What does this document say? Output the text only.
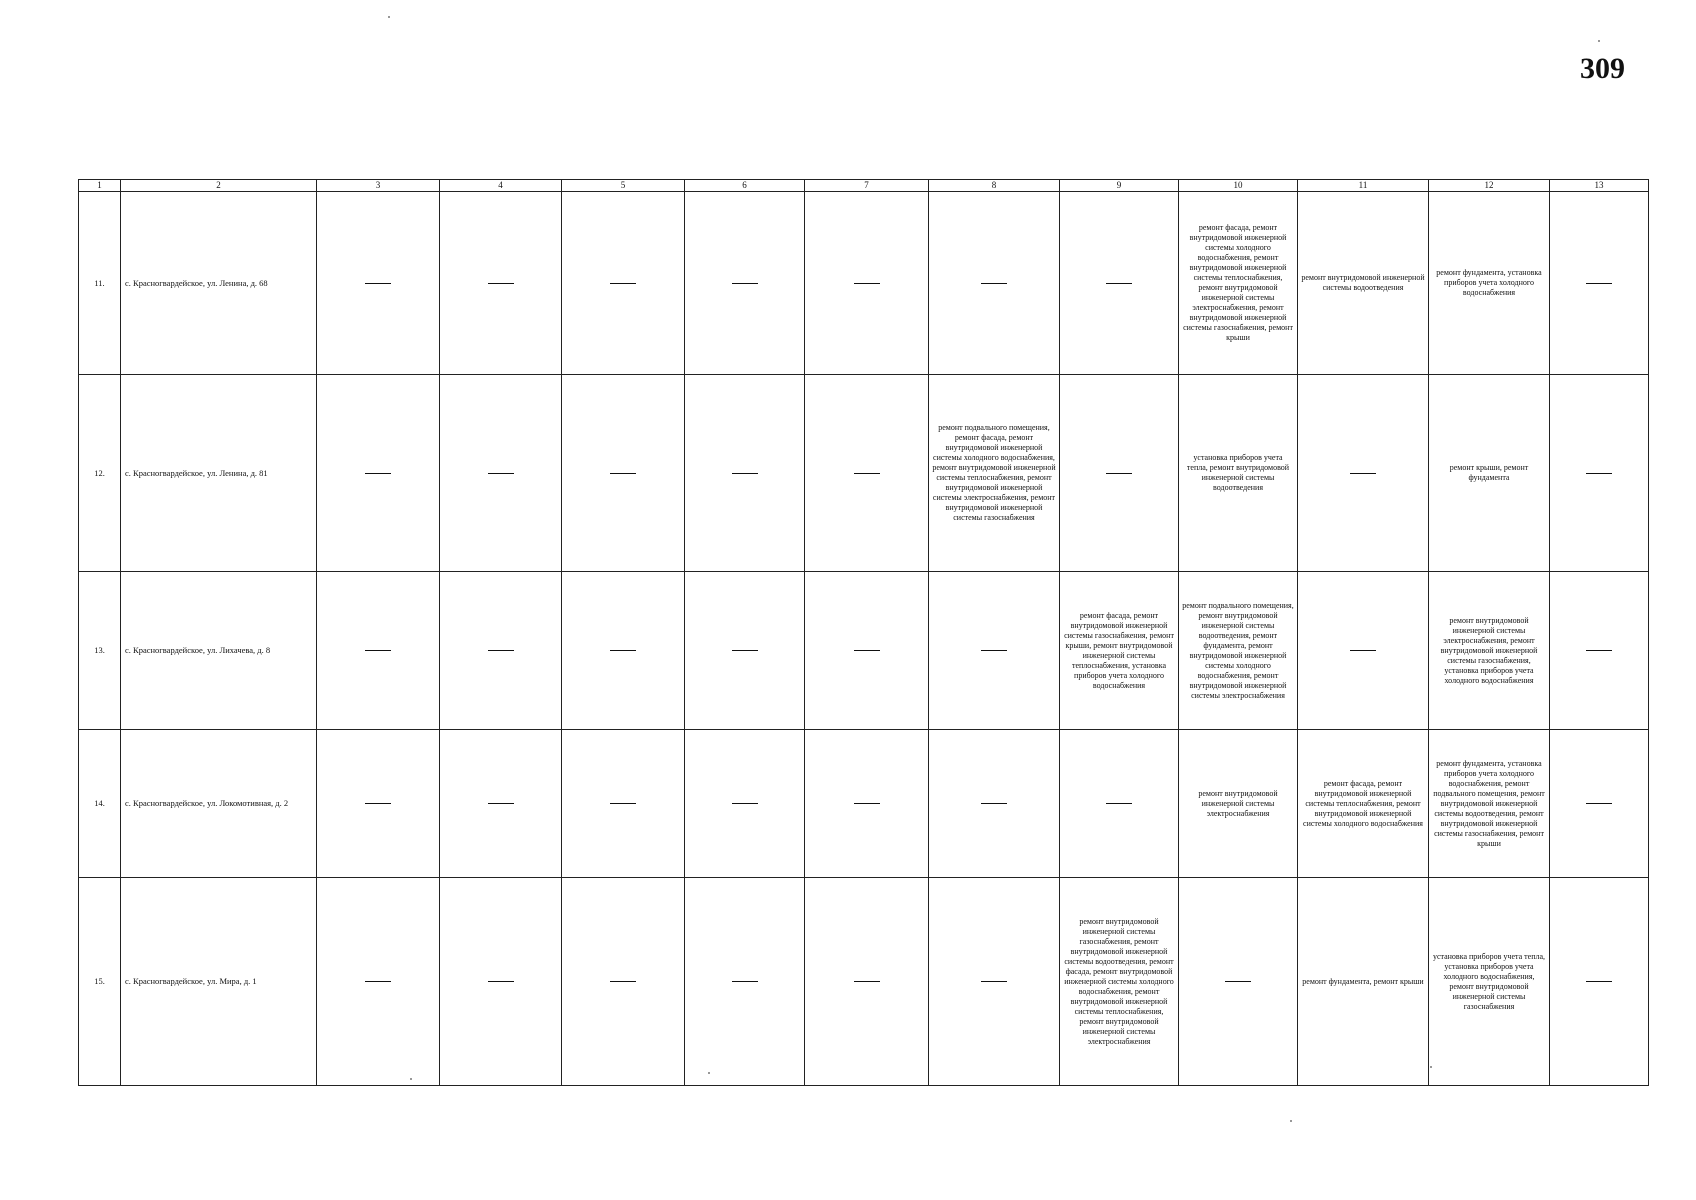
309
1	2	3	4	5	6	7	8	9	10	11	12	13
11.	с. Красногвардейское, ул. Ленина, д. 68								ремонт фасада, ремонт внутридомовой инженерной системы холодного водоснабжения, ремонт внутридомовой инженерной системы теплоснабжения, ремонт внутридомовой инженерной системы электроснабжения, ремонт внутридомовой инженерной системы газоснабжения, ремонт крыши	ремонт внутридомовой инженерной системы водоотведения	ремонт фундамента, установка приборов учета холодного водоснабжения	
12.	с. Красногвардейское, ул. Ленина, д. 81						ремонт подвального помещения, ремонт фасада, ремонт внутридомовой инженерной системы холодного водоснабжения, ремонт внутридомовой инженерной системы теплоснабжения, ремонт внутридомовой инженерной системы электроснабжения, ремонт внутридомовой инженерной системы газоснабжения		установка приборов учета тепла, ремонт внутридомовой инженерной системы водоотведения		ремонт крыши, ремонт фундамента	
13.	с. Красногвардейское, ул. Лихачева, д. 8							ремонт фасада, ремонт внутридомовой инженерной системы газоснабжения, ремонт крыши, ремонт внутридомовой инженерной системы теплоснабжения, установка приборов учета холодного водоснабжения	ремонт подвального помещения, ремонт внутридомовой инженерной системы водоотведения, ремонт фундамента, ремонт внутридомовой инженерной системы холодного водоснабжения, ремонт внутридомовой инженерной системы электроснабжения		ремонт внутридомовой инженерной системы электроснабжения, ремонт внутридомовой инженерной системы газоснабжения, установка приборов учета холодного водоснабжения	
14.	с. Красногвардейское, ул. Локомотивная, д. 2								ремонт внутридомовой инженерной системы электроснабжения	ремонт фасада, ремонт внутридомовой инженерной системы теплоснабжения, ремонт внутридомовой инженерной системы холодного водоснабжения	ремонт фундамента, установка приборов учета холодного водоснабжения, ремонт подвального помещения, ремонт внутридомовой инженерной системы водоотведения, ремонт внутридомовой инженерной системы газоснабжения, ремонт крыши	
15.	с. Красногвардейское, ул. Мира, д. 1							ремонт внутридомовой инженерной системы газоснабжения, ремонт внутридомовой инженерной системы водоотведения, ремонт фасада, ремонт внутридомовой инженерной системы холодного водоснабжения, ремонт внутридомовой инженерной системы теплоснабжения, ремонт внутридомовой инженерной системы электроснабжения		ремонт фундамента, ремонт крыши	установка приборов учета тепла, установка приборов учета холодного водоснабжения, ремонт внутридомовой инженерной системы газоснабжения	
